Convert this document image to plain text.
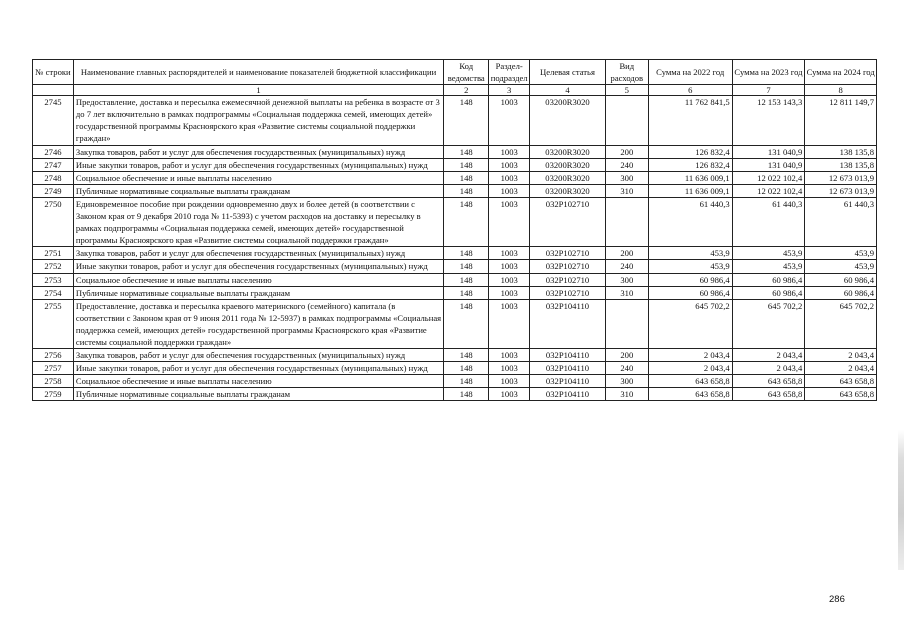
№ строки	Наименование главных распорядителей и наименование показателей бюджетной классификации	Код ведомства	Раздел-подраздел	Целевая статья	Вид расходов	Сумма на 2022 год	Сумма на 2023 год	Сумма на 2024 год
	1	2	3	4	5	6	7	8
2745	Предоставление, доставка и пересылка ежемесячной денежной выплаты на ребенка в возрасте от 3 до 7 лет включительно в рамках подпрограммы «Социальная поддержка семей, имеющих детей» государственной программы Красноярского края «Развитие системы социальной поддержки граждан»	148	1003	03200R3020		11 762 841,5	12 153 143,3	12 811 149,7
2746	Закупка товаров, работ и услуг для обеспечения государственных (муниципальных) нужд	148	1003	03200R3020	200	126 832,4	131 040,9	138 135,8
2747	Иные закупки товаров, работ и услуг для обеспечения государственных (муниципальных) нужд	148	1003	03200R3020	240	126 832,4	131 040,9	138 135,8
2748	Социальное обеспечение и иные выплаты населению	148	1003	03200R3020	300	11 636 009,1	12 022 102,4	12 673 013,9
2749	Публичные нормативные социальные выплаты гражданам	148	1003	03200R3020	310	11 636 009,1	12 022 102,4	12 673 013,9
2750	Единовременное пособие при рождении одновременно двух и более детей (в соответствии с Законом края от 9 декабря 2010 года № 11-5393) с учетом расходов на доставку и пересылку в рамках подпрограммы «Социальная поддержка семей, имеющих детей» государственной программы Красноярского края «Развитие системы социальной поддержки граждан»	148	1003	032Р102710		61 440,3	61 440,3	61 440,3
2751	Закупка товаров, работ и услуг для обеспечения государственных (муниципальных) нужд	148	1003	032Р102710	200	453,9	453,9	453,9
2752	Иные закупки товаров, работ и услуг для обеспечения государственных (муниципальных) нужд	148	1003	032Р102710	240	453,9	453,9	453,9
2753	Социальное обеспечение и иные выплаты населению	148	1003	032Р102710	300	60 986,4	60 986,4	60 986,4
2754	Публичные нормативные социальные выплаты гражданам	148	1003	032Р102710	310	60 986,4	60 986,4	60 986,4
2755	Предоставление, доставка и пересылка краевого материнского (семейного) капитала (в соответствии с Законом края от 9 июня 2011 года № 12-5937) в рамках подпрограммы «Социальная поддержка семей, имеющих детей» государственной программы Красноярского края «Развитие системы социальной поддержки граждан»	148	1003	032Р104110		645 702,2	645 702,2	645 702,2
2756	Закупка товаров, работ и услуг для обеспечения государственных (муниципальных) нужд	148	1003	032Р104110	200	2 043,4	2 043,4	2 043,4
2757	Иные закупки товаров, работ и услуг для обеспечения государственных (муниципальных) нужд	148	1003	032Р104110	240	2 043,4	2 043,4	2 043,4
2758	Социальное обеспечение и иные выплаты населению	148	1003	032Р104110	300	643 658,8	643 658,8	643 658,8
2759	Публичные нормативные социальные выплаты гражданам	148	1003	032Р104110	310	643 658,8	643 658,8	643 658,8
286
